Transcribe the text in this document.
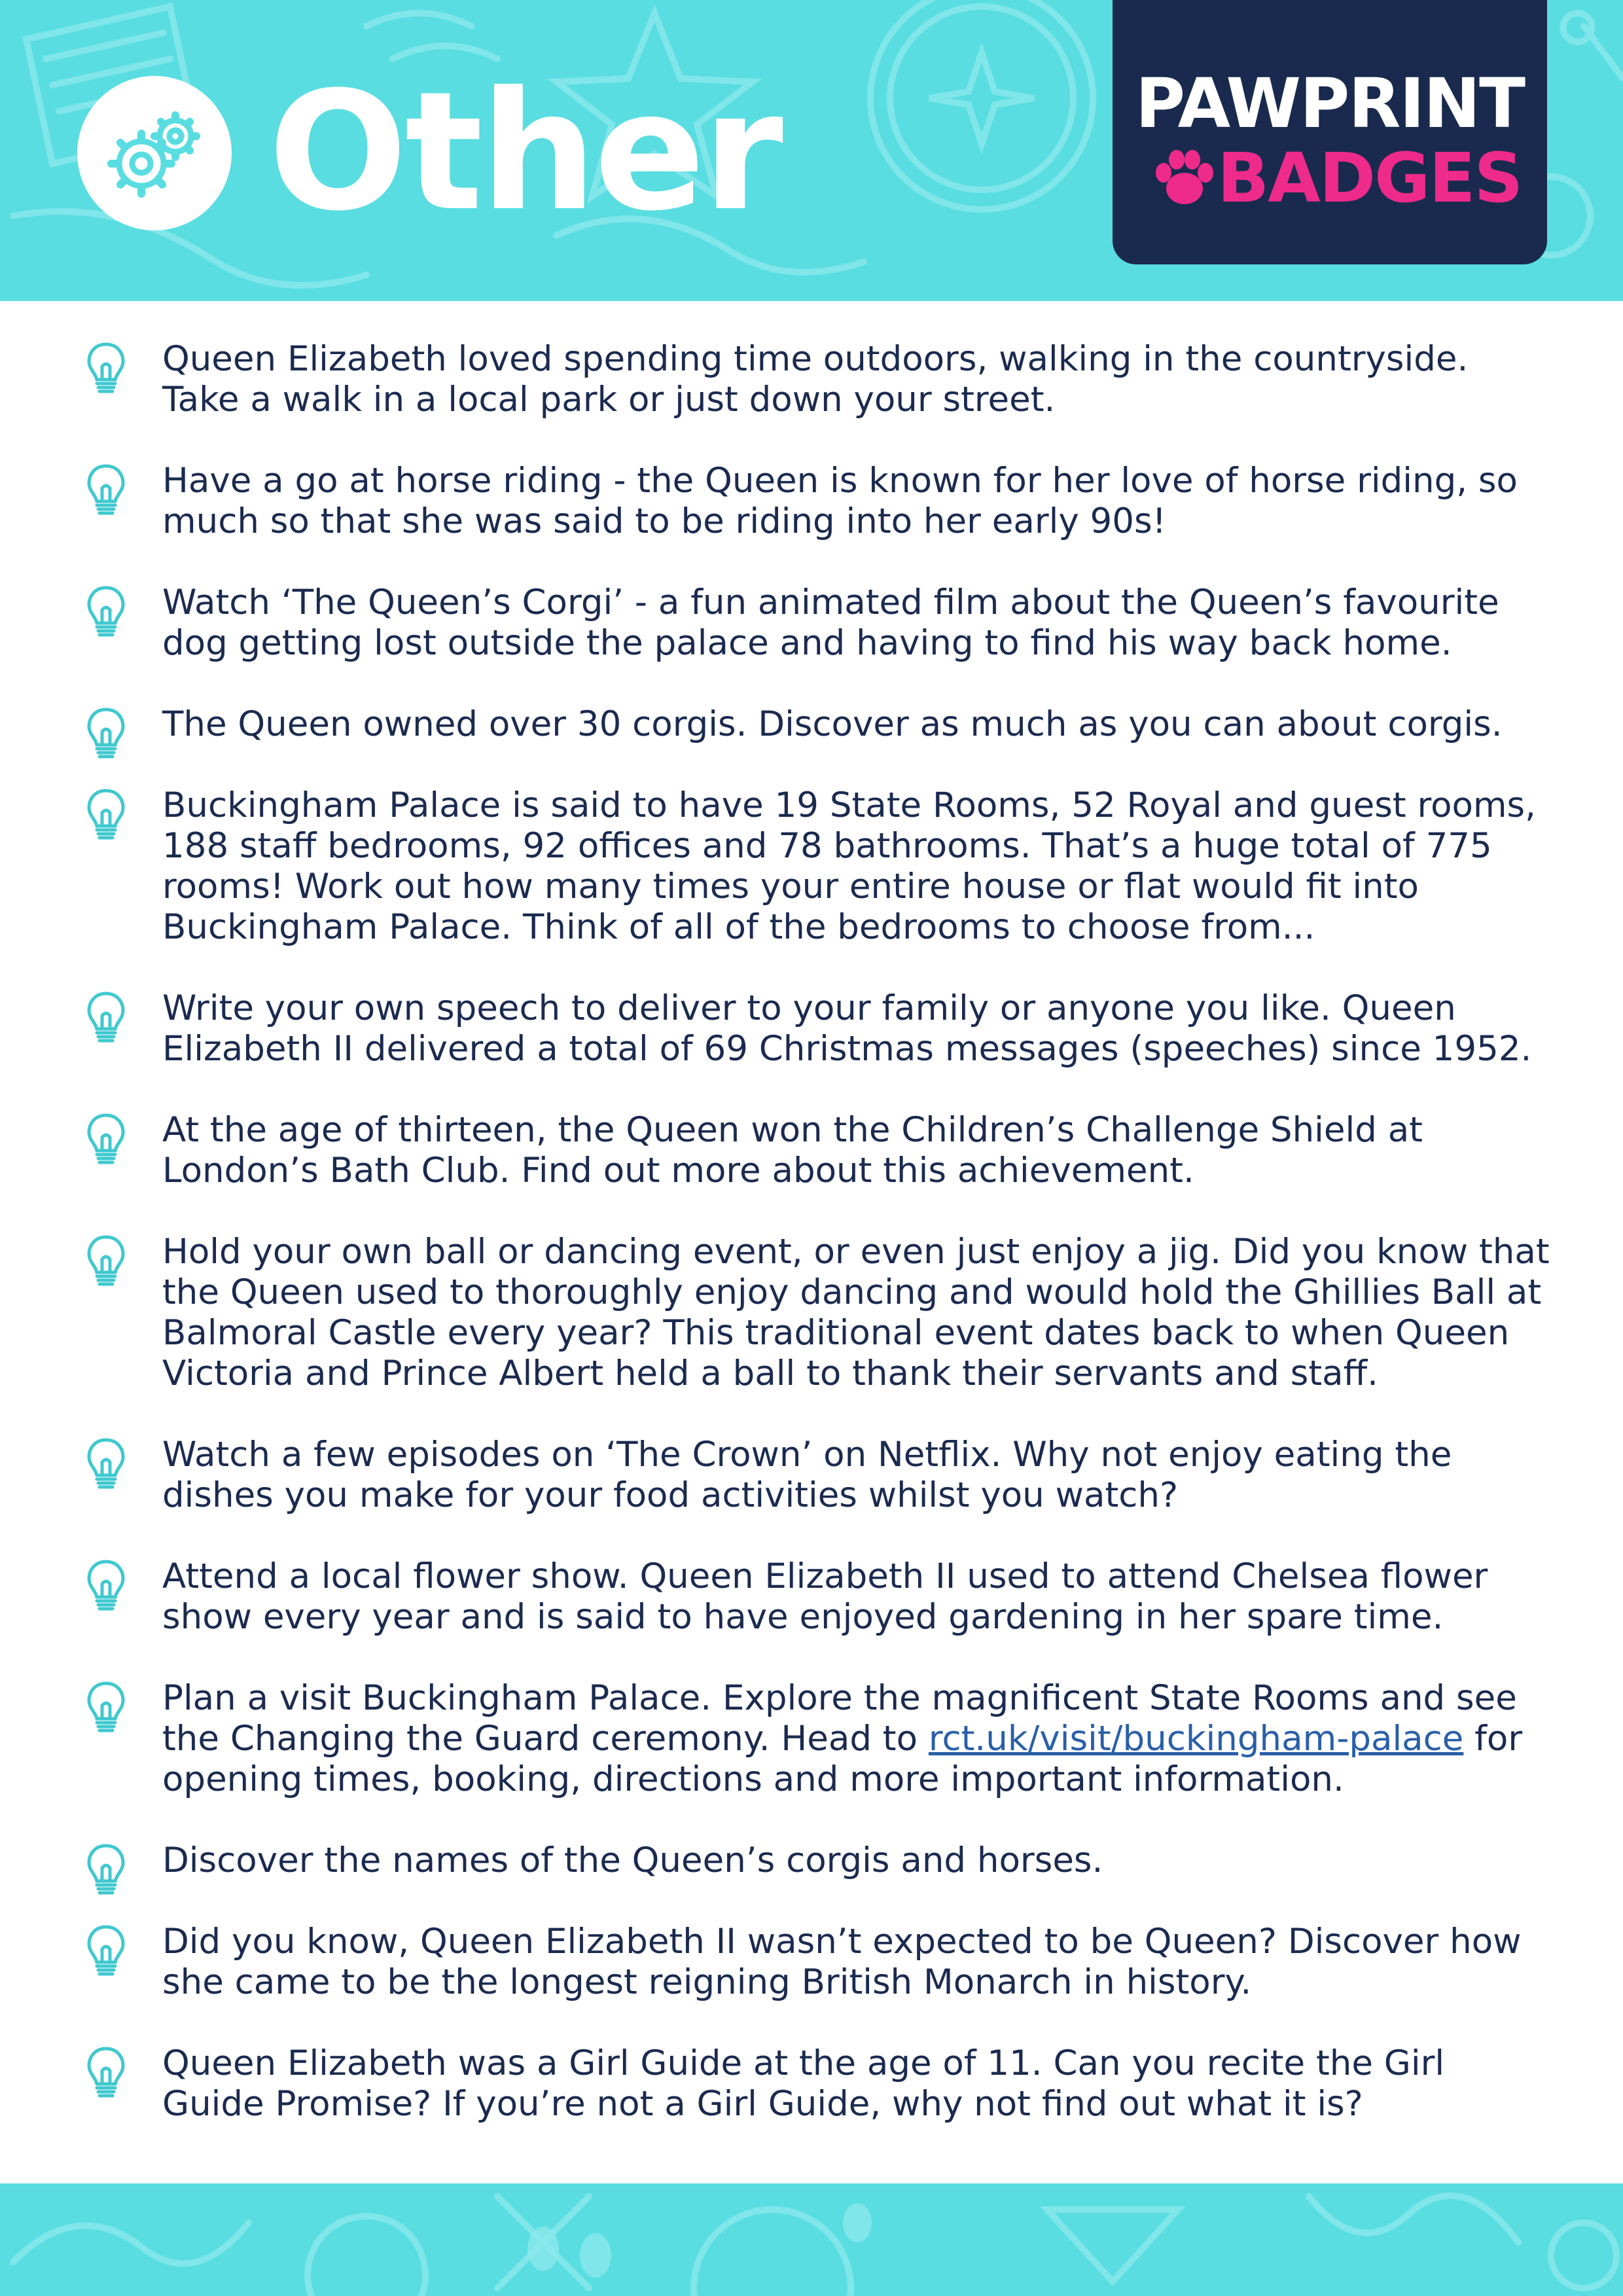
Other	PAWPRINT
BADGES

Queen Elizabeth loved spending time outdoors, walking in the countryside. Take a walk in a local park or just down your street.

Have a go at horse riding - the Queen is known for her love of horse riding, so much so that she was said to be riding into her early 90s!

Watch ‘The Queen’s Corgi’ - a fun animated film about the Queen’s favourite dog getting lost outside the palace and having to find his way back home.

The Queen owned over 30 corgis. Discover as much as you can about corgis.

Buckingham Palace is said to have 19 State Rooms, 52 Royal and guest rooms, 188 staff bedrooms, 92 offices and 78 bathrooms. That’s a huge total of 775 rooms! Work out how many times your entire house or flat would fit into Buckingham Palace. Think of all of the bedrooms to choose from...

Write your own speech to deliver to your family or anyone you like. Queen Elizabeth II delivered a total of 69 Christmas messages (speeches) since 1952.

At the age of thirteen, the Queen won the Children’s Challenge Shield at London’s Bath Club. Find out more about this achievement.

Hold your own ball or dancing event, or even just enjoy a jig. Did you know that the Queen used to thoroughly enjoy dancing and would hold the Ghillies Ball at Balmoral Castle every year? This traditional event dates back to when Queen Victoria and Prince Albert held a ball to thank their servants and staff.

Watch a few episodes on ‘The Crown’ on Netflix. Why not enjoy eating the dishes you make for your food activities whilst you watch?

Attend a local flower show. Queen Elizabeth II used to attend Chelsea flower show every year and is said to have enjoyed gardening in her spare time.

Plan a visit Buckingham Palace. Explore the magnificent State Rooms and see the Changing the Guard ceremony. Head to rct.uk/visit/buckingham-palace for opening times, booking, directions and more important information.

Discover the names of the Queen’s corgis and horses.

Did you know, Queen Elizabeth II wasn’t expected to be Queen? Discover how she came to be the longest reigning British Monarch in history.

Queen Elizabeth was a Girl Guide at the age of 11. Can you recite the Girl Guide Promise? If you’re not a Girl Guide, why not find out what it is?
